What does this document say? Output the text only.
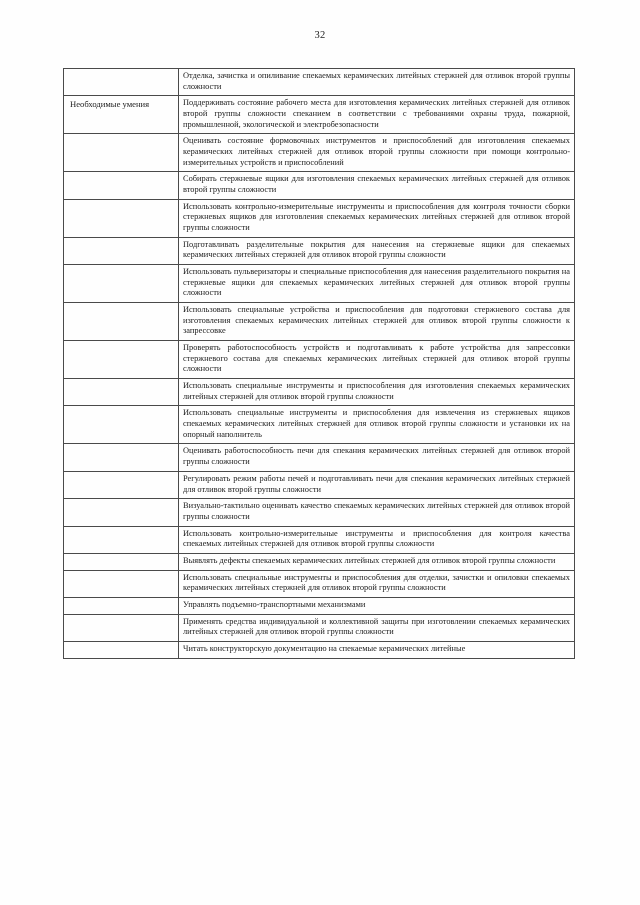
32
	Отделка, зачистка и опиливание спекаемых керамических литейных стержней для отливок второй группы сложности
Необходимые умения	Поддерживать состояние рабочего места для изготовления керамических литейных стержней для отливок второй группы сложности спеканием в соответствии с требованиями охраны труда, пожарной, промышленной, экологической и электробезопасности
	Оценивать состояние формовочных инструментов и приспособлений для изготовления спекаемых керамических литейных стержней для отливок второй группы сложности при помощи контрольно-измерительных устройств и приспособлений
	Собирать стержневые ящики для изготовления спекаемых керамических литейных стержней для отливок второй группы сложности
	Использовать контрольно-измерительные инструменты и приспособления для контроля точности сборки стержневых ящиков для изготовления спекаемых керамических литейных стержней для отливок второй группы сложности
	Подготавливать разделительные покрытия для нанесения на стержневые ящики для спекаемых керамических литейных стержней для отливок второй группы сложности
	Использовать пульверизаторы и специальные приспособления для нанесения разделительного покрытия на стержневые ящики для спекаемых керамических литейных стержней для отливок второй группы сложности
	Использовать специальные устройства и приспособления для подготовки стержневого состава для изготовления спекаемых керамических литейных стержней для отливок второй группы сложности к запрессовке
	Проверять работоспособность устройств и подготавливать к работе устройства для запрессовки стержневого состава для спекаемых керамических литейных стержней для отливок второй группы сложности
	Использовать специальные инструменты и приспособления для изготовления спекаемых керамических литейных стержней для отливок второй группы сложности
	Использовать специальные инструменты и приспособления для извлечения из стержневых ящиков спекаемых керамических литейных стержней для отливок второй группы сложности и установки их на опорный наполнитель
	Оценивать работоспособность печи для спекания керамических литейных стержней для отливок второй группы сложности
	Регулировать режим работы печей и подготавливать печи для спекания керамических литейных стержней для отливок второй группы сложности
	Визуально-тактильно оценивать качество спекаемых керамических литейных стержней для отливок второй группы сложности
	Использовать контрольно-измерительные инструменты и приспособления для контроля качества спекаемых литейных стержней для отливок второй группы сложности
	Выявлять дефекты спекаемых керамических литейных стержней для отливок второй группы сложности
	Использовать специальные инструменты и приспособления для отделки, зачистки и опиловки спекаемых керамических литейных стержней для отливок второй группы сложности
	Управлять подъемно-транспортными механизмами
	Применять средства индивидуальной и коллективной защиты при изготовлении спекаемых керамических литейных стержней для отливок второй группы сложности
	Читать конструкторскую документацию на спекаемые керамических литейные
